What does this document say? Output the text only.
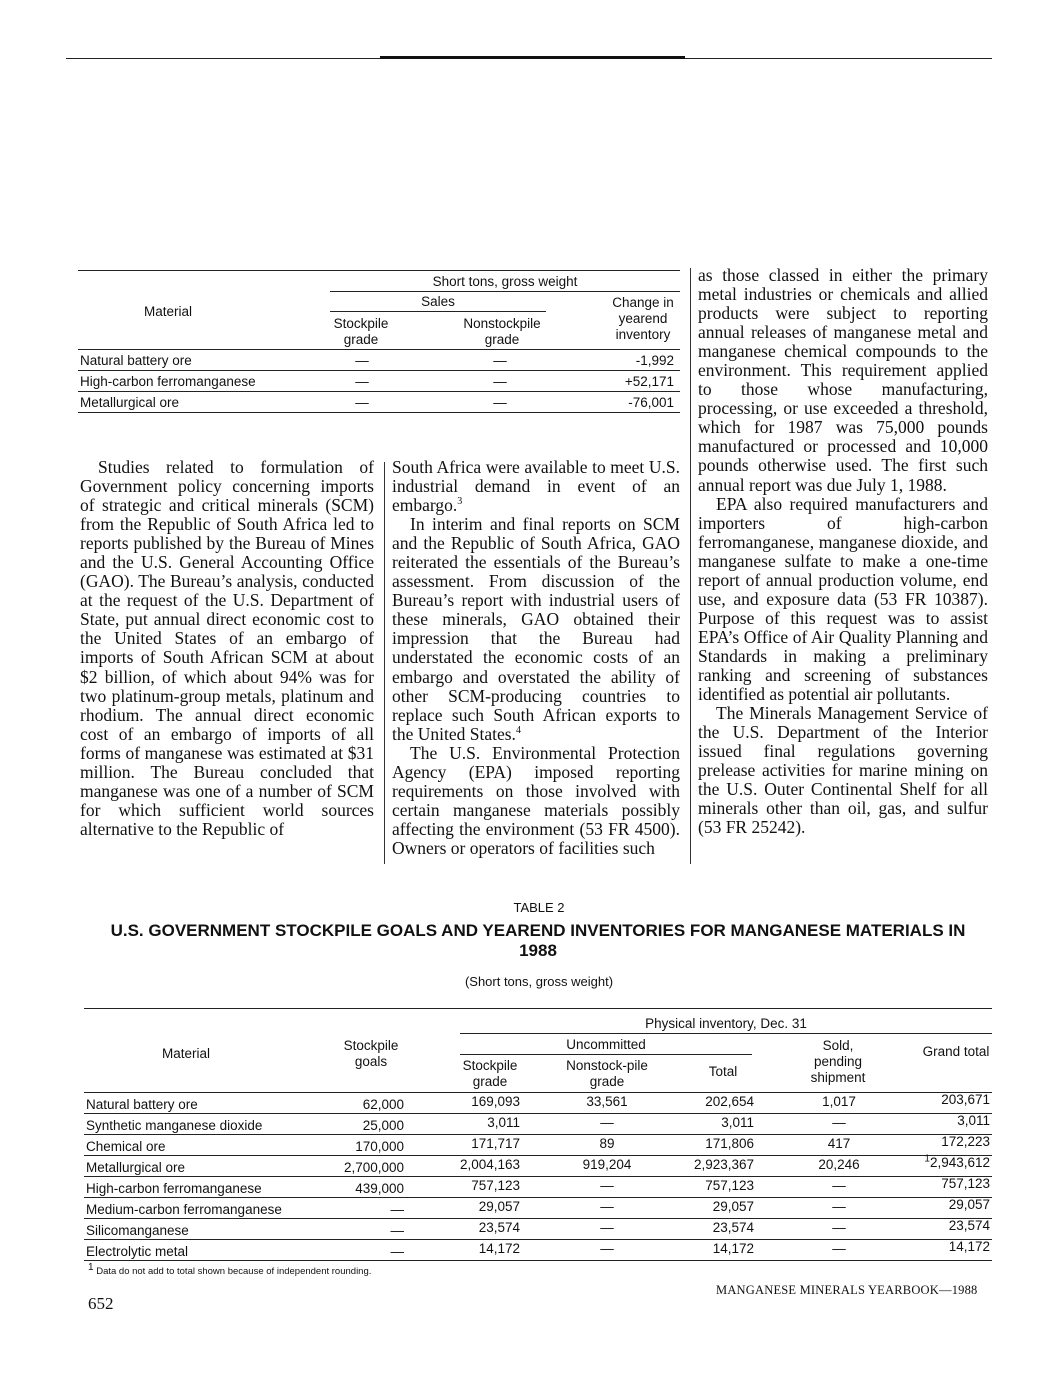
Short tons, gross weight
Sales
Material
Stockpile grade
Nonstockpile grade
Change in yearend inventory
Natural battery ore	—	—	-1,992
High-carbon ferromanganese	—	—	+52,171
Metallurgical ore	—	—	-76,001

Studies related to formulation of Government policy concerning imports of strategic and critical minerals (SCM) from the Republic of South Africa led to reports published by the Bureau of Mines and the U.S. General Accounting Office (GAO). The Bureau’s analysis, conducted at the request of the U.S. Department of State, put annual direct economic cost to the United States of an embargo of imports of South African SCM at about $2 billion, of which about 94% was for two platinum-group metals, platinum and rhodium. The annual direct economic cost of an embargo of imports of all forms of manganese was estimated at $31 million. The Bureau concluded that manganese was one of a number of SCM for which sufficient world sources alternative to the Republic of

South Africa were available to meet U.S. industrial demand in event of an embargo.$^3$

In interim and final reports on SCM and the Republic of South Africa, GAO reiterated the essentials of the Bureau’s assessment. From discussion of the Bureau’s report with industrial users of these minerals, GAO obtained their impression that the Bureau had understated the economic costs of an embargo and overstated the ability of other SCM-producing countries to replace such South African exports to the United States.$^4$

The U.S. Environmental Protection Agency (EPA) imposed reporting requirements on those involved with certain manganese materials possibly affecting the environment (53 FR 4500). Owners or operators of facilities such

as those classed in either the primary metal industries or chemicals and allied products were subject to reporting annual releases of manganese metal and manganese chemical compounds to the environment. This requirement applied to those whose manufacturing, processing, or use exceeded a threshold, which for 1987 was 75,000 pounds manufactured or processed and 10,000 pounds otherwise used. The first such annual report was due July 1, 1988.

EPA also required manufacturers and importers of high-carbon ferromanganese, manganese dioxide, and manganese sulfate to make a one-time report of annual production volume, end use, and exposure data (53 FR 10387). Purpose of this request was to assist EPA’s Office of Air Quality Planning and Standards in making a preliminary ranking and screening of substances identified as potential air pollutants.

The Minerals Management Service of the U.S. Department of the Interior issued final regulations governing prelease activities for marine mining on the U.S. Outer Continental Shelf for all minerals other than oil, gas, and sulfur (53 FR 25242).

TABLE 2
U.S. GOVERNMENT STOCKPILE GOALS AND YEAREND INVENTORIES FOR MANGANESE MATERIALS IN 1988
(Short tons, gross weight)
Physical inventory, Dec. 31
Uncommitted
Material
Stockpile goals	Stockpile grade
Nonstock-pile grade
Total
Sold, pending shipment
Grand total
Natural battery ore	62,000	169,093	33,561	202,654	1,017	203,671
Synthetic manganese dioxide	25,000	3,011	—	3,011	—	3,011
Chemical ore	170,000	171,717	89	171,806	417	172,223
Metallurgical ore	2,700,000	2,004,163	919,204	2,923,367	20,246	$^1$2,943,612
High-carbon ferromanganese	439,000	757,123	—	757,123	—	757,123
Medium-carbon ferromanganese	—	29,057	—	29,057	—	29,057
Silicomanganese	—	23,574	—	23,574	—	23,574
Electrolytic metal	—	14,172	—	14,172	—	14,172
1 Data do not add to total shown because of independent rounding.
652
MANGANESE MINERALS YEARBOOK—1988
